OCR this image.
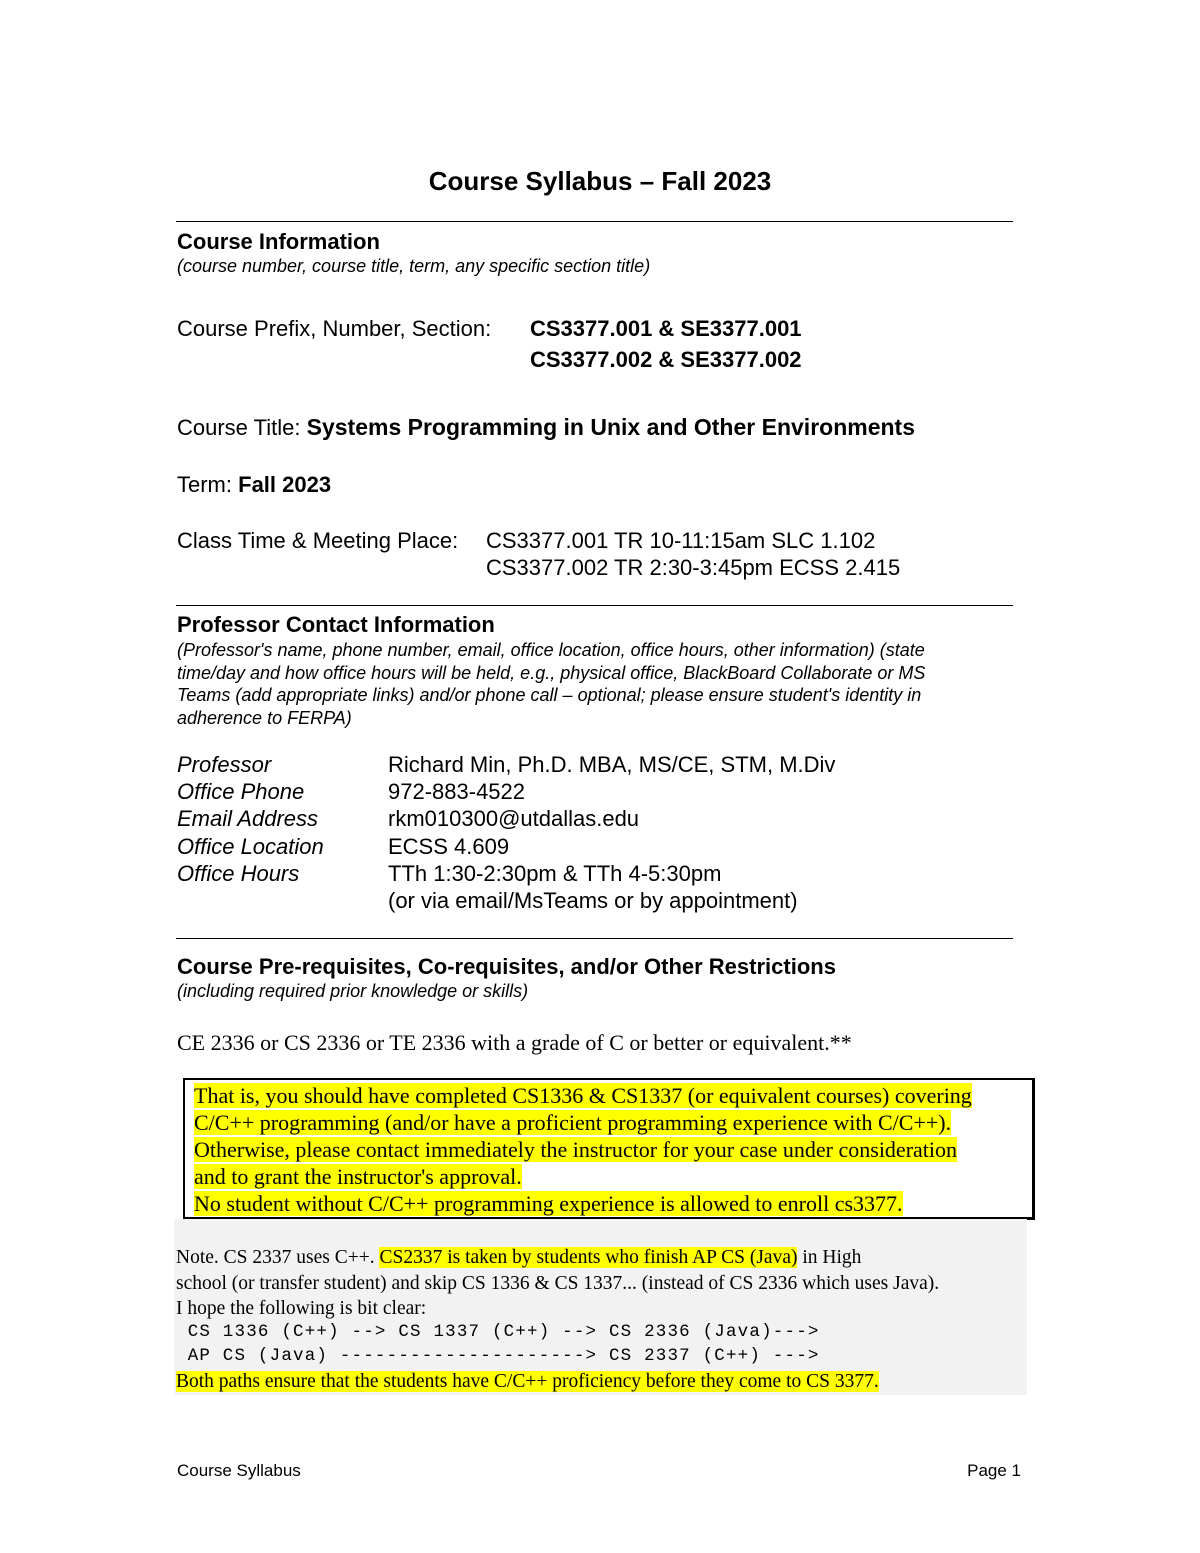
Course Syllabus – Fall 2023
Course Information
(course number, course title, term, any specific section title)
Course Prefix, Number, Section: CS3377.001 & SE3377.001
CS3377.002 & SE3377.002
Course Title: Systems Programming in Unix and Other Environments
Term: Fall 2023
Class Time & Meeting Place: CS3377.001 TR 10-11:15am SLC 1.102
CS3377.002 TR 2:30-3:45pm ECSS 2.415
Professor Contact Information
(Professor's name, phone number, email, office location, office hours, other information) (state
time/day and how office hours will be held, e.g., physical office, BlackBoard Collaborate or MS
Teams (add appropriate links) and/or phone call – optional; please ensure student's identity in
adherence to FERPA)
Professor	Richard Min, Ph.D. MBA, MS/CE, STM, M.Div
Office Phone	972-883-4522
Email Address	rkm010300@utdallas.edu
Office Location	ECSS 4.609
Office Hours	TTh 1:30-2:30pm & TTh 4-5:30pm
(or via email/MsTeams or by appointment)
Course Pre-requisites, Co-requisites, and/or Other Restrictions
(including required prior knowledge or skills)
CE 2336 or CS 2336 or TE 2336 with a grade of C or better or equivalent.**
That is, you should have completed CS1336 & CS1337 (or equivalent courses) covering
C/C++ programming (and/or have a proficient programming experience with C/C++).
Otherwise, please contact immediately the instructor for your case under consideration
and to grant the instructor's approval.
No student without C/C++ programming experience is allowed to enroll cs3377.
Note. CS 2337 uses C++. CS2337 is taken by students who finish AP CS (Java) in High
school (or transfer student) and skip CS 1336 & CS 1337... (instead of CS 2336 which uses Java).
I hope the following is bit clear:
CS 1336 (C++) --> CS 1337 (C++) --> CS 2336 (Java)--->
AP CS (Java) ---------------------> CS 2337 (C++) --->
Both paths ensure that the students have C/C++ proficiency before they come to CS 3377.
Course Syllabus	Page 1
